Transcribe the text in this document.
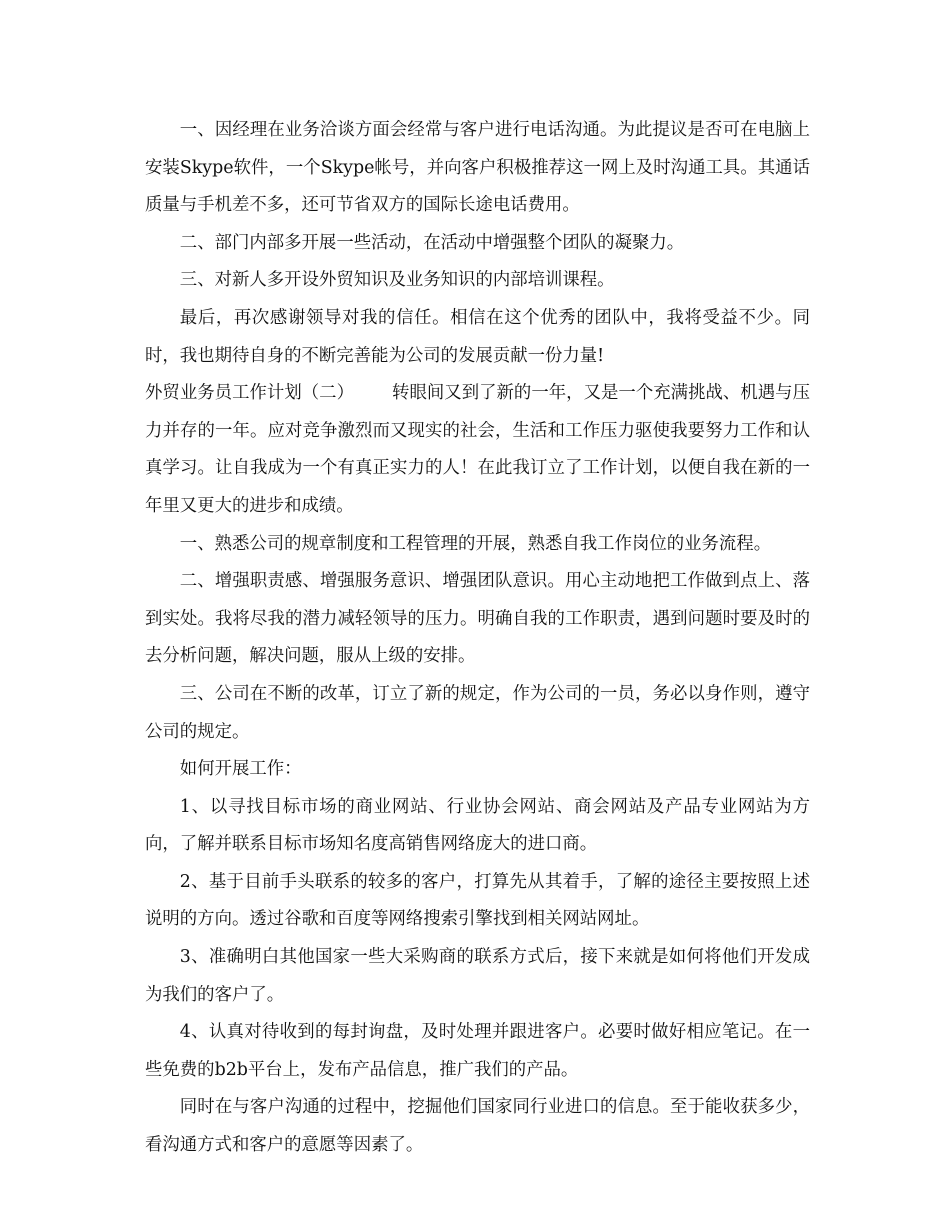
一、因经理在业务洽谈方面会经常与客户进行电话沟通。为此提议是否可在电脑上安装Skype软件，一个Skype帐号，并向客户积极推荐这一网上及时沟通工具。其通话质量与手机差不多，还可节省双方的国际长途电话费用。

二、部门内部多开展一些活动，在活动中增强整个团队的凝聚力。

三、对新人多开设外贸知识及业务知识的内部培训课程。

最后，再次感谢领导对我的信任。相信在这个优秀的团队中，我将受益不少。同时，我也期待自身的不断完善能为公司的发展贡献一份力量!

外贸业务员工作计划（二） 转眼间又到了新的一年，又是一个充满挑战、机遇与压力并存的一年。应对竞争激烈而又现实的社会，生活和工作压力驱使我要努力工作和认真学习。让自我成为一个有真正实力的人！在此我订立了工作计划，以便自我在新的一年里又更大的进步和成绩。

一、熟悉公司的规章制度和工程管理的开展，熟悉自我工作岗位的业务流程。

二、增强职责感、增强服务意识、增强团队意识。用心主动地把工作做到点上、落到实处。我将尽我的潜力减轻领导的压力。明确自我的工作职责，遇到问题时要及时的去分析问题，解决问题，服从上级的安排。

三、公司在不断的改革，订立了新的规定，作为公司的一员，务必以身作则，遵守公司的规定。

如何开展工作：

1、以寻找目标市场的商业网站、行业协会网站、商会网站及产品专业网站为方向，了解并联系目标市场知名度高销售网络庞大的进口商。

2、基于目前手头联系的较多的客户，打算先从其着手，了解的途径主要按照上述说明的方向。透过谷歌和百度等网络搜索引擎找到相关网站网址。

3、准确明白其他国家一些大采购商的联系方式后，接下来就是如何将他们开发成为我们的客户了。

4、认真对待收到的每封询盘，及时处理并跟进客户。必要时做好相应笔记。在一些免费的b2b平台上，发布产品信息，推广我们的产品。

同时在与客户沟通的过程中，挖掘他们国家同行业进口的信息。至于能收获多少，看沟通方式和客户的意愿等因素了。
